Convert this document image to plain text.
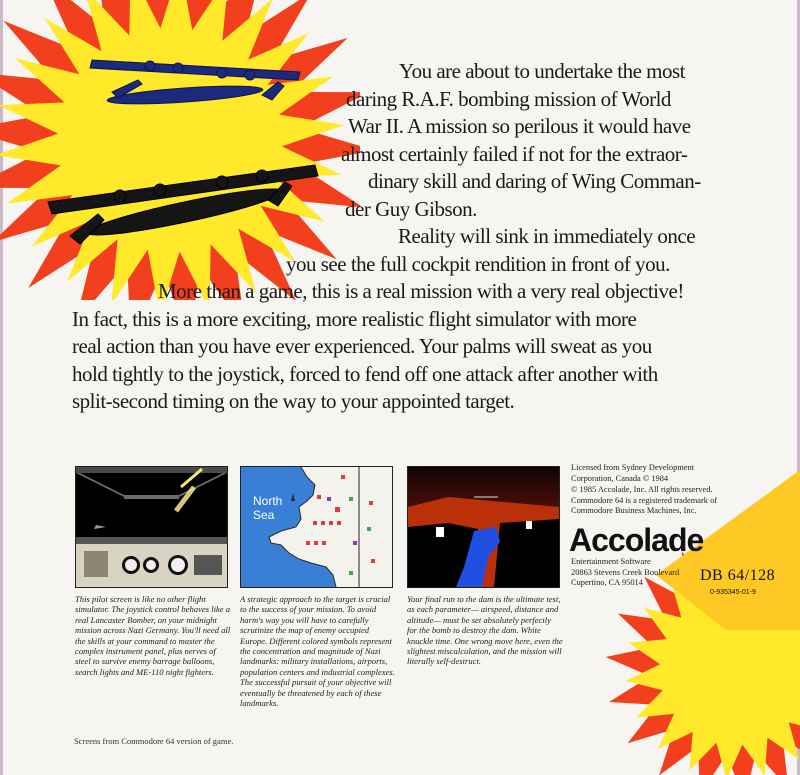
You are about to undertake the most
daring R.A.F. bombing mission of World
War II. A mission so perilous it would have
almost certainly failed if not for the extraor-
dinary skill and daring of Wing Comman-
der Guy Gibson.
Reality will sink in immediately once
you see the full cockpit rendition in front of you.
More than a game, this is a real mission with a very real objective!
In fact, this is a more exciting, more realistic flight simulator with more
real action than you have ever experienced. Your palms will sweat as you
hold tightly to the joystick, forced to fend off one attack after another with
split-second timing on the way to your appointed target.
North
Sea
This pilot screen is like no other flight simulator. The joystick control behaves like a real Lancaster Bomber, on your midnight mission across Nazi Germany. You'll need all the skills at your command to master the complex instrument panel, plus nerves of steel to survive enemy barrage balloons, search lights and ME-110 night fighters.
A strategic approach to the target is crucial to the success of your mission. To avoid harm's way you will have to carefully scrutinize the map of enemy occupied Europe. Different colored symbols represent the concentration and magnitude of Nazi landmarks: military installations, airports, population centers and industrial complexes. The successful pursuit of your objective will eventually be threatened by each of these landmarks.
Your final run to the dam is the ultimate test, as each parameter— airspeed, distance and altitude— must be set absolutely perfectly for the bomb to destroy the dam. White knuckle time. One wrong move here, even the slightest miscalculation, and the mission will literally self-destruct.
Screens from Commodore 64 version of game.

Licensed from Sydney Development Corporation, Canada © 1984

© 1985 Accolade, Inc. All rights reserved. Commodore 64 is a registered trademark of Commodore Business Machines, Inc.

Accolade
Entertainment Software
20863 Stevens Creek Boulevard
Cupertino, CA 95014	DB 64/128
0-935345-01-9
